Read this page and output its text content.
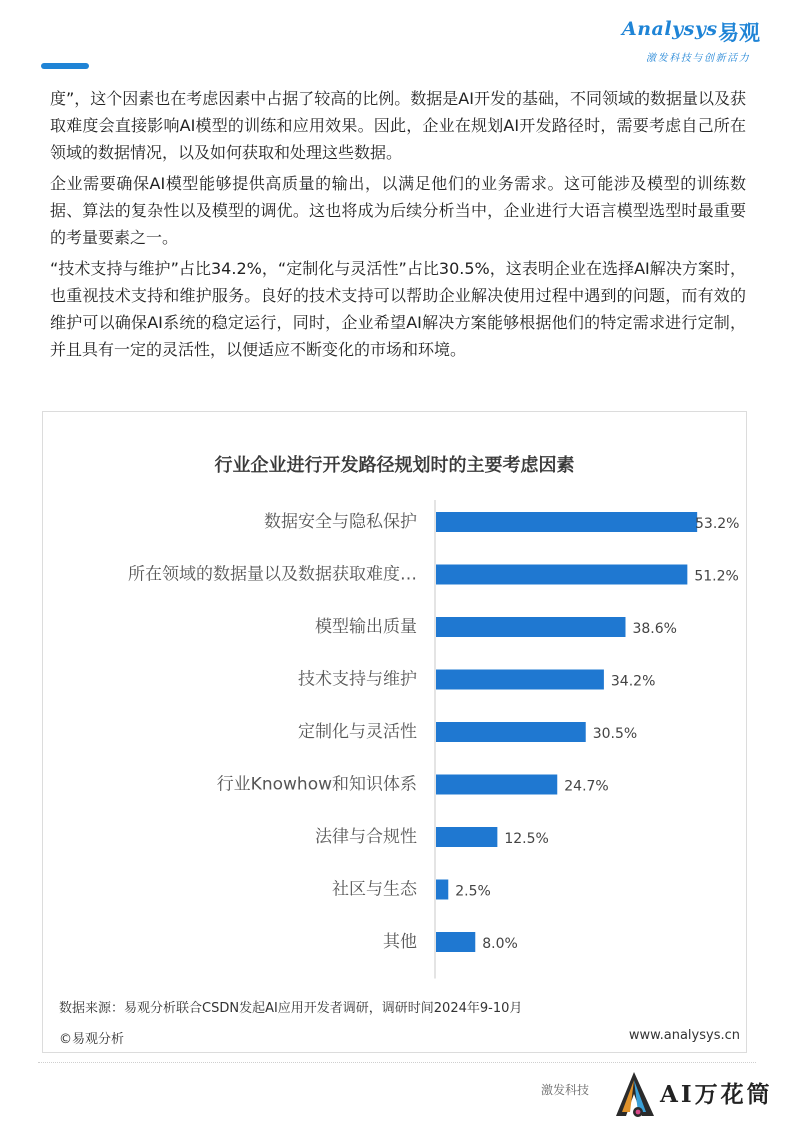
Analysys 易观
激发科技与创新活力

度”，这个因素也在考虑因素中占据了较高的比例。数据是AI开发的基础，不同领域的数据量以及获取难度会直接影响AI模型的训练和应用效果。因此，企业在规划AI开发路径时，需要考虑自己所在领域的数据情况，以及如何获取和处理这些数据。

企业需要确保AI模型能够提供高质量的输出，以满足他们的业务需求。这可能涉及模型的训练数据、算法的复杂性以及模型的调优。这也将成为后续分析当中，企业进行大语言模型选型时最重要的考量要素之一。

“技术支持与维护”占比34.2%，“定制化与灵活性”占比30.5%，这表明企业在选择AI解决方案时，也重视技术支持和维护服务。良好的技术支持可以帮助企业解决使用过程中遇到的问题，而有效的维护可以确保AI系统的稳定运行，同时，企业希望AI解决方案能够根据他们的特定需求进行定制，并且具有一定的灵活性，以便适应不断变化的市场和环境。

行业企业进行开发路径规划时的主要考虑因素
数据安全与隐私保护	53.2%
所在领域的数据量以及数据获取难度…	51.2%
模型输出质量	38.6%
技术支持与维护	34.2%
定制化与灵活性	30.5%
行业Knowhow和知识体系	24.7%
法律与合规性	12.5%
社区与生态	2.5%
其他	8.0%
数据来源：易观分析联合CSDN发起AI应用开发者调研，调研时间2024年9-10月
©易观分析	www.analysys.cn
激发科技	AI万花筒
